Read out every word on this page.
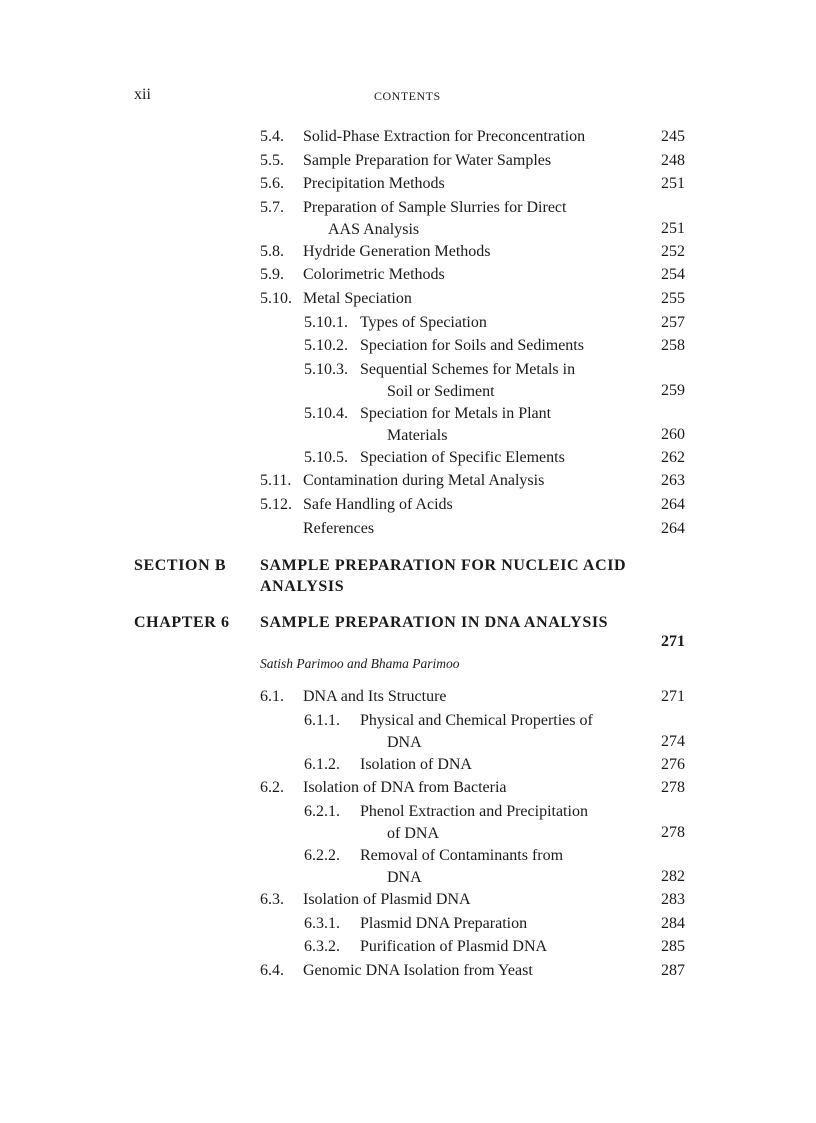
xii	CONTENTS
5.4. Solid-Phase Extraction for Preconcentration	245
5.5. Sample Preparation for Water Samples	248
5.6. Precipitation Methods	251
5.7. Preparation of Sample Slurries for Direct
AAS Analysis	251
5.8. Hydride Generation Methods	252
5.9. Colorimetric Methods	254
5.10. Metal Speciation	255
5.10.1. Types of Speciation	257
5.10.2. Speciation for Soils and Sediments	258
5.10.3. Sequential Schemes for Metals in
Soil or Sediment	259
5.10.4. Speciation for Metals in Plant
Materials	260
5.10.5. Speciation of Specific Elements	262
5.11. Contamination during Metal Analysis	263
5.12. Safe Handling of Acids	264
References	264
SECTION B SAMPLE PREPARATION FOR NUCLEIC ACID ANALYSIS
CHAPTER 6 SAMPLE PREPARATION IN DNA ANALYSIS
271
Satish Parimoo and Bhama Parimoo
6.1. DNA and Its Structure	271
6.1.1. Physical and Chemical Properties of
DNA	274
6.1.2. Isolation of DNA	276
6.2. Isolation of DNA from Bacteria	278
6.2.1. Phenol Extraction and Precipitation
of DNA	278
6.2.2. Removal of Contaminants from
DNA	282
6.3. Isolation of Plasmid DNA	283
6.3.1. Plasmid DNA Preparation	284
6.3.2. Purification of Plasmid DNA	285
6.4. Genomic DNA Isolation from Yeast	287
